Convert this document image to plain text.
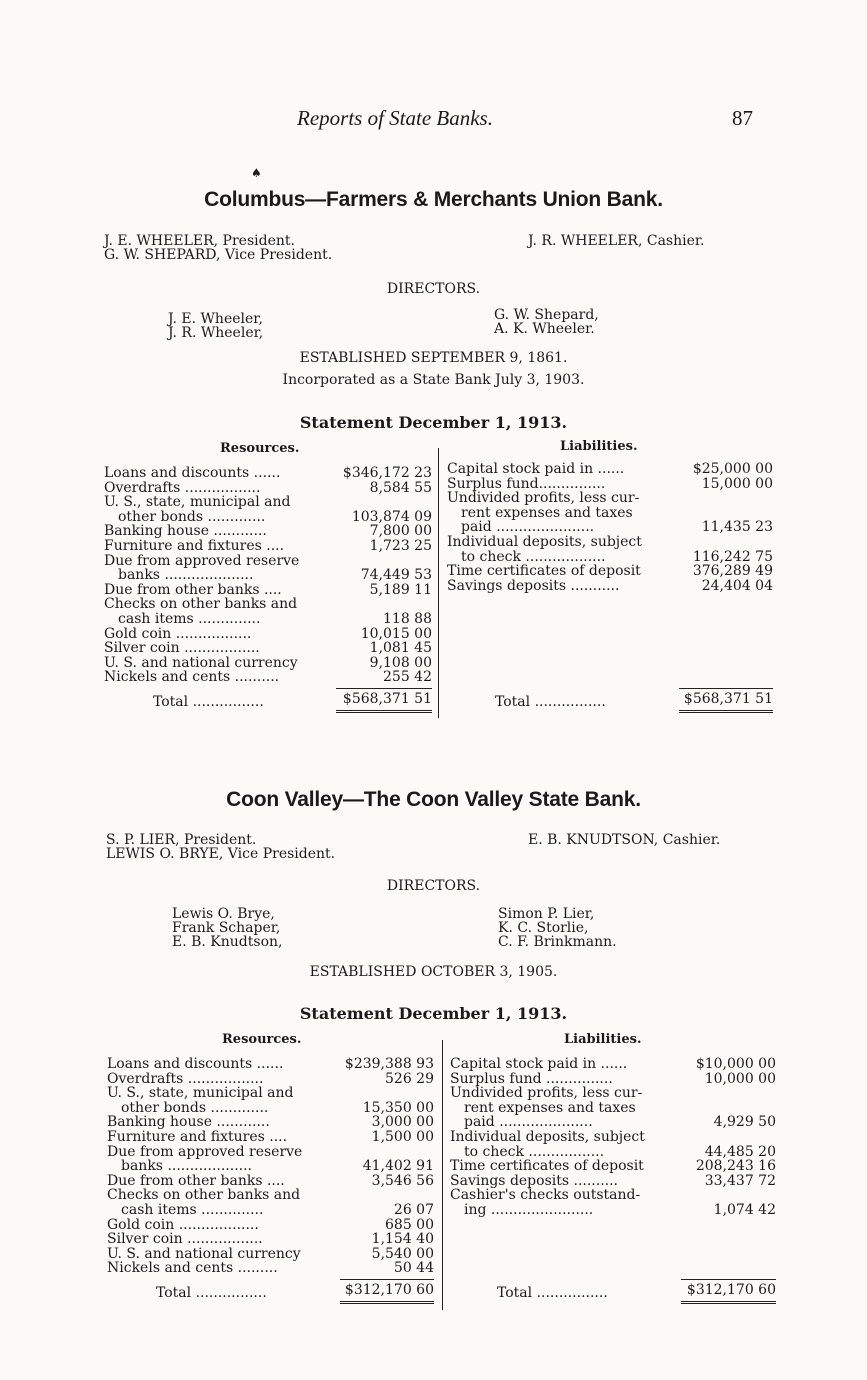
Reports of State Banks.	87
♠
Columbus—Farmers & Merchants Union Bank.
J. E. WHEELER, President.
G. W. SHEPARD, Vice President.
J. R. WHEELER, Cashier.
DIRECTORS.
J. E. Wheeler,
J. R. Wheeler,
G. W. Shepard,
A. K. Wheeler.
ESTABLISHED SEPTEMBER 9, 1861.
Incorporated as a State Bank July 3, 1903.
Statement December 1, 1913.
Resources.	Liabilities.
Loans and discounts ......	$346,172 23
Overdrafts .................	8,584 55
U. S., state, municipal and	
other bonds .............	103,874 09
Banking house ............	7,800 00
Furniture and fixtures ....	1,723 25
Due from approved reserve	
banks ....................	74,449 53
Due from other banks ....	5,189 11
Checks on other banks and	
cash items ..............	118 88
Gold coin .................	10,015 00
Silver coin .................	1,081 45
U. S. and national currency	9,108 00
Nickels and cents ..........	255 42
Capital stock paid in ......	$25,000 00
Surplus fund...............	15,000 00
Undivided profits, less cur-	
rent expenses and taxes	
paid ......................	11,435 23
Individual deposits, subject	
to check ..................	116,242 75
Time certificates of deposit	376,289 49
Savings deposits ...........	24,404 04
Total ................	$568,371 51	Total ................	$568,371 51
Coon Valley—The Coon Valley State Bank.
S. P. LIER, President.
LEWIS O. BRYE, Vice President.
E. B. KNUDTSON, Cashier.
DIRECTORS.
Lewis O. Brye,
Frank Schaper,
E. B. Knudtson,
Simon P. Lier,
K. C. Storlie,
C. F. Brinkmann.
ESTABLISHED OCTOBER 3, 1905.
Statement December 1, 1913.
Resources.	Liabilities.
Loans and discounts ......	$239,388 93
Overdrafts .................	526 29
U. S., state, municipal and	
other bonds .............	15,350 00
Banking house ............	3,000 00
Furniture and fixtures ....	1,500 00
Due from approved reserve	
banks ...................	41,402 91
Due from other banks ....	3,546 56
Checks on other banks and	
cash items ..............	26 07
Gold coin ..................	685 00
Silver coin .................	1,154 40
U. S. and national currency	5,540 00
Nickels and cents .........	50 44
Capital stock paid in ......	$10,000 00
Surplus fund ...............	10,000 00
Undivided profits, less cur-	
rent expenses and taxes	
paid .....................	4,929 50
Individual deposits, subject	
to check .................	44,485 20
Time certificates of deposit	208,243 16
Savings deposits ..........	33,437 72
Cashier's checks outstand-	
ing .......................	1,074 42
Total ................	$312,170 60	Total ................	$312,170 60
